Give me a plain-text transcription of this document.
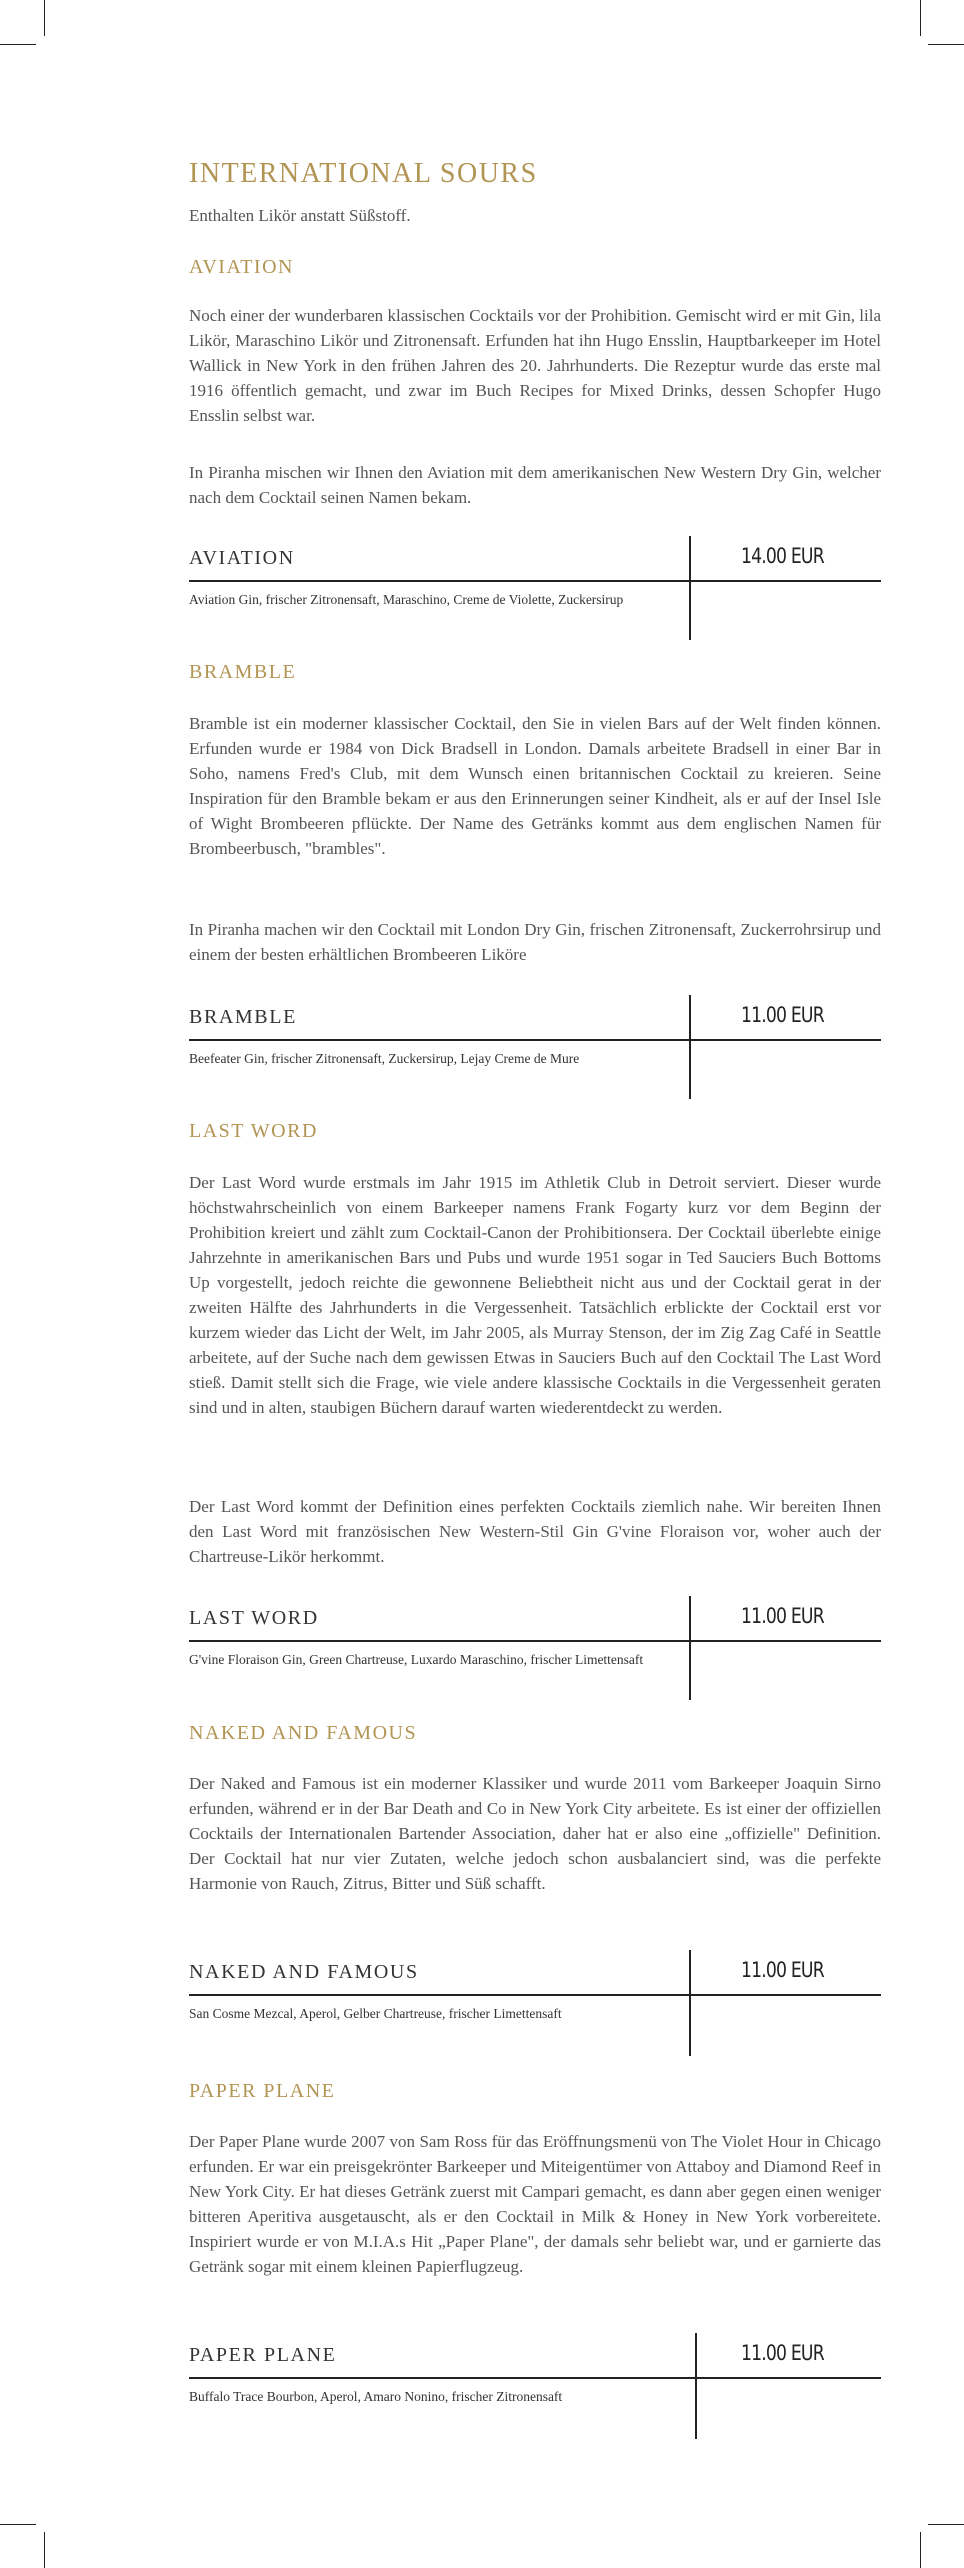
INTERNATIONAL SOURS
Enthalten Likör anstatt Süßstoff.
AVIATION
Noch einer der wunderbaren klassischen Cocktails vor der Prohibition. Gemischt wird er mit Gin, lila Likör, Maraschino Likör und Zitronensaft. Erfunden hat ihn Hugo Ensslin, Hauptbarkeeper im Hotel Wallick in New York in den frühen Jahren des 20. Jahrhunderts. Die Rezeptur wurde das erste mal 1916 öffentlich gemacht, und zwar im Buch Recipes for Mixed Drinks, dessen Schopfer Hugo Ensslin selbst war.
In Piranha mischen wir Ihnen den Aviation mit dem amerikanischen New Western Dry Gin, welcher nach dem Cocktail seinen Namen bekam.
AVIATION	14.00 EUR
Aviation Gin, frischer Zitronensaft, Maraschino, Creme de Violette, Zuckersirup
BRAMBLE
Bramble ist ein moderner klassischer Cocktail, den Sie in vielen Bars auf der Welt finden können. Erfunden wurde er 1984 von Dick Bradsell in London. Damals arbeitete Bradsell in einer Bar in Soho, namens Fred's Club, mit dem Wunsch einen britannischen Cocktail zu kreieren. Seine Inspiration für den Bramble bekam er aus den Erinnerungen seiner Kindheit, als er auf der Insel Isle of Wight Brombeeren pflückte. Der Name des Getränks kommt aus dem englischen Namen für Brombeerbusch, "brambles".
In Piranha machen wir den Cocktail mit London Dry Gin, frischen Zitronensaft, Zuckerrohrsirup und einem der besten erhältlichen Brombeeren Liköre
BRAMBLE	11.00 EUR
Beefeater Gin, frischer Zitronensaft, Zuckersirup, Lejay Creme de Mure
LAST WORD
Der Last Word wurde erstmals im Jahr 1915 im Athletik Club in Detroit serviert. Dieser wurde höchstwahrscheinlich von einem Barkeeper namens Frank Fogarty kurz vor dem Beginn der Prohibition kreiert und zählt zum Cocktail-Canon der Prohibitionsera. Der Cocktail überlebte einige Jahrzehnte in amerikanischen Bars und Pubs und wurde 1951 sogar in Ted Sauciers Buch Bottoms Up vorgestellt, jedoch reichte die gewonnene Beliebtheit nicht aus und der Cocktail gerat in der zweiten Hälfte des Jahrhunderts in die Vergessenheit. Tatsächlich erblickte der Cocktail erst vor kurzem wieder das Licht der Welt, im Jahr 2005, als Murray Stenson, der im Zig Zag Café in Seattle arbeitete, auf der Suche nach dem gewissen Etwas in Sauciers Buch auf den Cocktail The Last Word stieß. Damit stellt sich die Frage, wie viele andere klassische Cocktails in die Vergessenheit geraten sind und in alten, staubigen Büchern darauf warten wiederentdeckt zu werden.
Der Last Word kommt der Definition eines perfekten Cocktails ziemlich nahe. Wir bereiten Ihnen den Last Word mit französischen New Western-Stil Gin G'vine Floraison vor, woher auch der Chartreuse-Likör herkommt.
LAST WORD	11.00 EUR
G'vine Floraison Gin, Green Chartreuse, Luxardo Maraschino, frischer Limettensaft
NAKED AND FAMOUS
Der Naked and Famous ist ein moderner Klassiker und wurde 2011 vom Barkeeper Joaquin Sirno erfunden, während er in der Bar Death and Co in New York City arbeitete. Es ist einer der offiziellen Cocktails der Internationalen Bartender Association, daher hat er also eine „offizielle" Definition. Der Cocktail hat nur vier Zutaten, welche jedoch schon ausbalanciert sind, was die perfekte Harmonie von Rauch, Zitrus, Bitter und Süß schafft.
NAKED AND FAMOUS	11.00 EUR
San Cosme Mezcal, Aperol, Gelber Chartreuse, frischer Limettensaft
PAPER PLANE
Der Paper Plane wurde 2007 von Sam Ross für das Eröffnungsmenü von The Violet Hour in Chicago erfunden. Er war ein preisgekrönter Barkeeper und Miteigentümer von Attaboy and Diamond Reef in New York City. Er hat dieses Getränk zuerst mit Campari gemacht, es dann aber gegen einen weniger bitteren Aperitiva ausgetauscht, als er den Cocktail in Milk & Honey in New York vorbereitete. Inspiriert wurde er von M.I.A.s Hit „Paper Plane", der damals sehr beliebt war, und er garnierte das Getränk sogar mit einem kleinen Papierflugzeug.
PAPER PLANE	11.00 EUR
Buffalo Trace Bourbon, Aperol, Amaro Nonino, frischer Zitronensaft
